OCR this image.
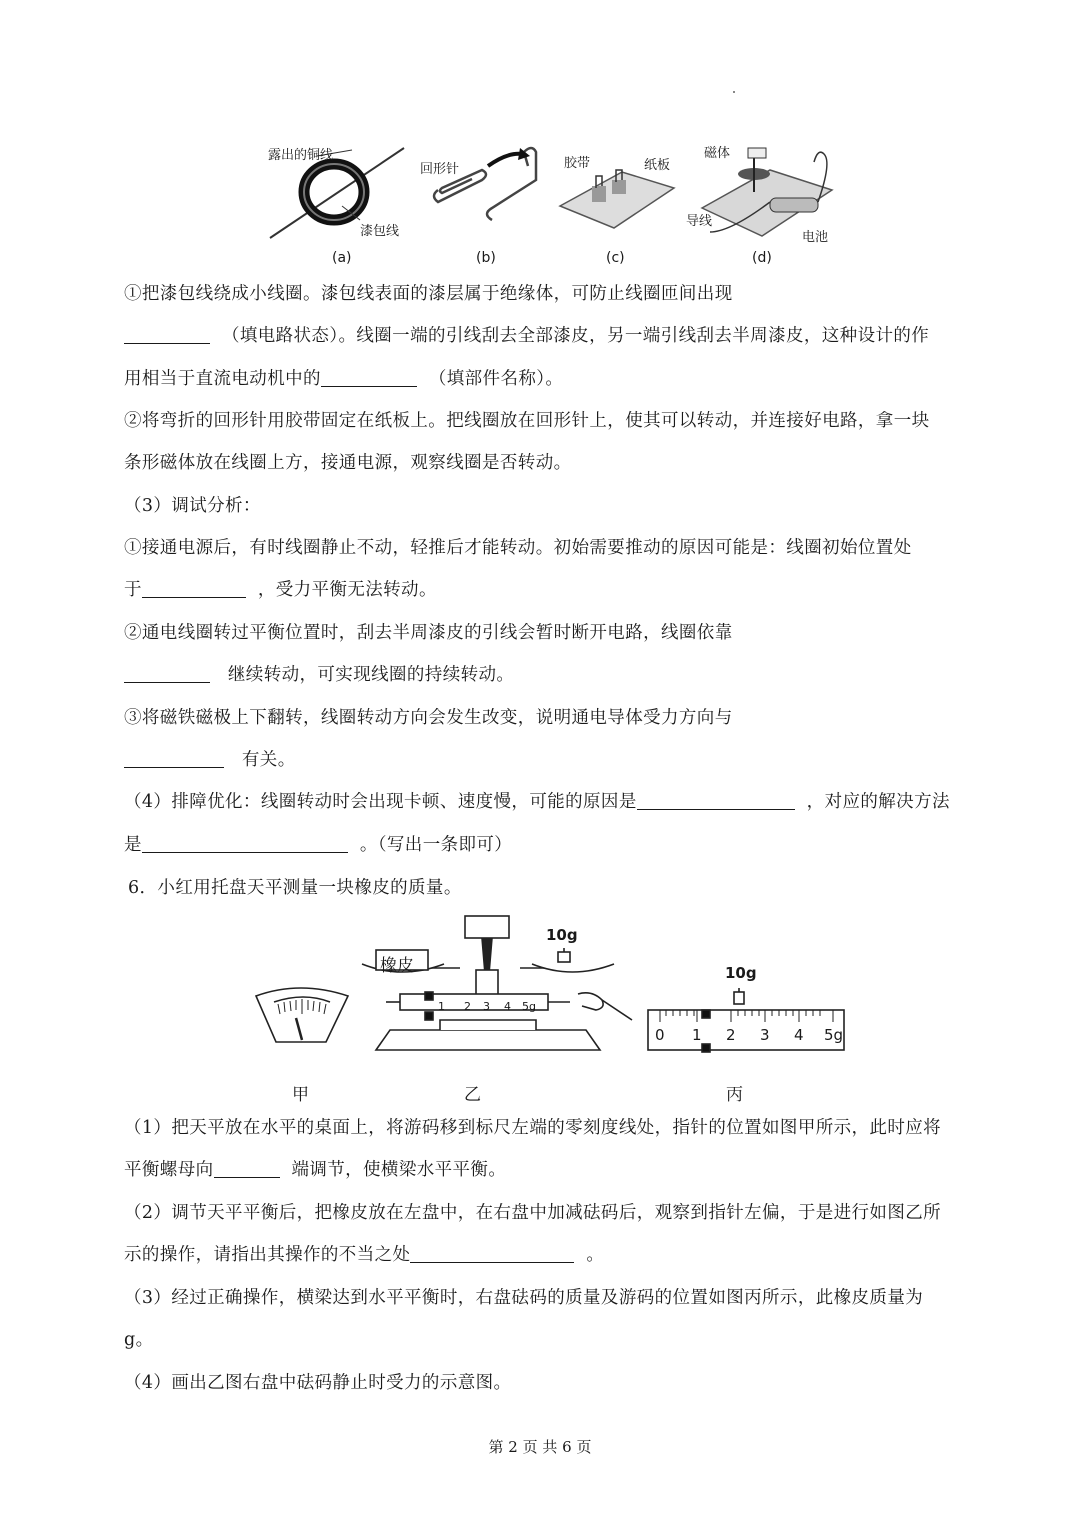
露出的铜线
漆包线
回形针	胶带	纸板
磁体
导线
电池
(a)	(b)	(c)	(d)
①把漆包线绕成小线圈。漆包线表面的漆层属于绝缘体，可防止线圈匝间出现
（填电路状态）。线圈一端的引线刮去全部漆皮，另一端引线刮去半周漆皮，这种设计的作
用相当于直流电动机中的	（填部件名称）。
②将弯折的回形针用胶带固定在纸板上。把线圈放在回形针上，使其可以转动，并连接好电路，拿一块
条形磁体放在线圈上方，接通电源，观察线圈是否转动。
（3）调试分析：
①接通电源后，有时线圈静止不动，轻推后才能转动。初始需要推动的原因可能是：线圈初始位置处
于	，受力平衡无法转动。
②通电线圈转过平衡位置时，刮去半周漆皮的引线会暂时断开电路，线圈依靠
继续转动，可实现线圈的持续转动。
③将磁铁磁极上下翻转，线圈转动方向会发生改变，说明通电导体受力方向与
有关。
（4）排障优化：线圈转动时会出现卡顿、速度慢，可能的原因是	，对应的解决方法
是	。（写出一条即可）
6．小红用托盘天平测量一块橡皮的质量。
橡皮
10g
10g
1 2 3 4 5g
0 1 2 3 4 5g
甲	乙	丙
（1）把天平放在水平的桌面上，将游码移到标尺左端的零刻度线处，指针的位置如图甲所示，此时应将
平衡螺母向	端调节，使横梁水平平衡。
（2）调节天平平衡后，把橡皮放在左盘中，在右盘中加减砝码后，观察到指针左偏，于是进行如图乙所
示的操作，请指出其操作的不当之处	。
（3）经过正确操作，横梁达到水平平衡时，右盘砝码的质量及游码的位置如图丙所示，此橡皮质量为
g。
（4）画出乙图右盘中砝码静止时受力的示意图。
第 2 页 共 6 页
